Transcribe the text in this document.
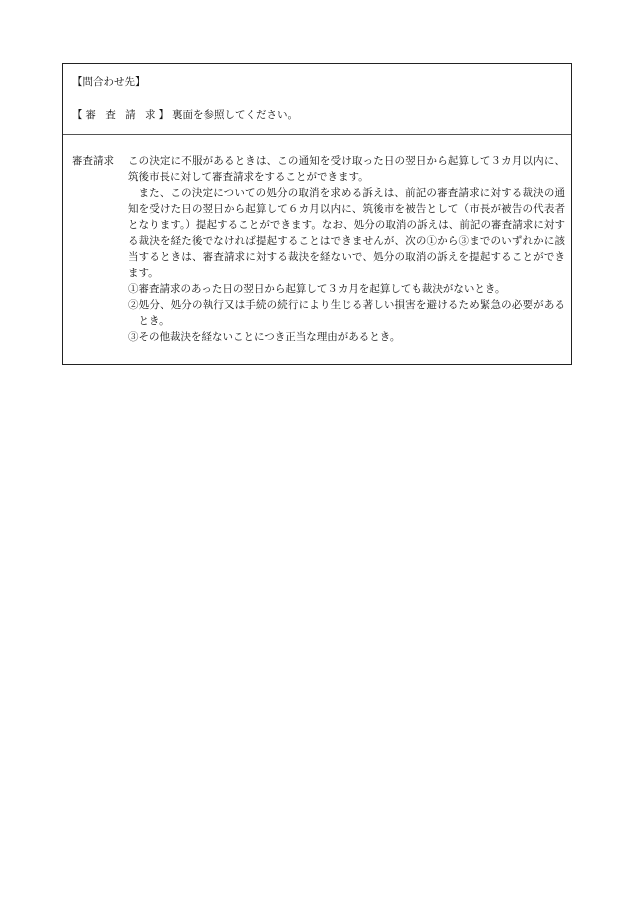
【問合わせ先】
【審 査 請 求】裏面を参照してください。
審査請求 この決定に不服があるときは、この通知を受け取った日の翌日から起算して３カ月以内に、筑後市長に対して審査請求をすることができます。

また、この決定についての処分の取消を求める訴えは、前記の審査請求に対する裁決の通知を受けた日の翌日から起算して６カ月以内に、筑後市を被告として（市長が被告の代表者となります。）提起することができます。なお、処分の取消の訴えは、前記の審査請求に対する裁決を経た後でなければ提起することはできませんが、次の①から③までのいずれかに該当するときは、審査請求に対する裁決を経ないで、処分の取消の訴えを提起することができます。

①審査請求のあった日の翌日から起算して３カ月を起算しても裁決がないとき。

②処分、処分の執行又は手続の続行により生じる著しい損害を避けるため緊急の必要があるとき。

③その他裁決を経ないことにつき正当な理由があるとき。
